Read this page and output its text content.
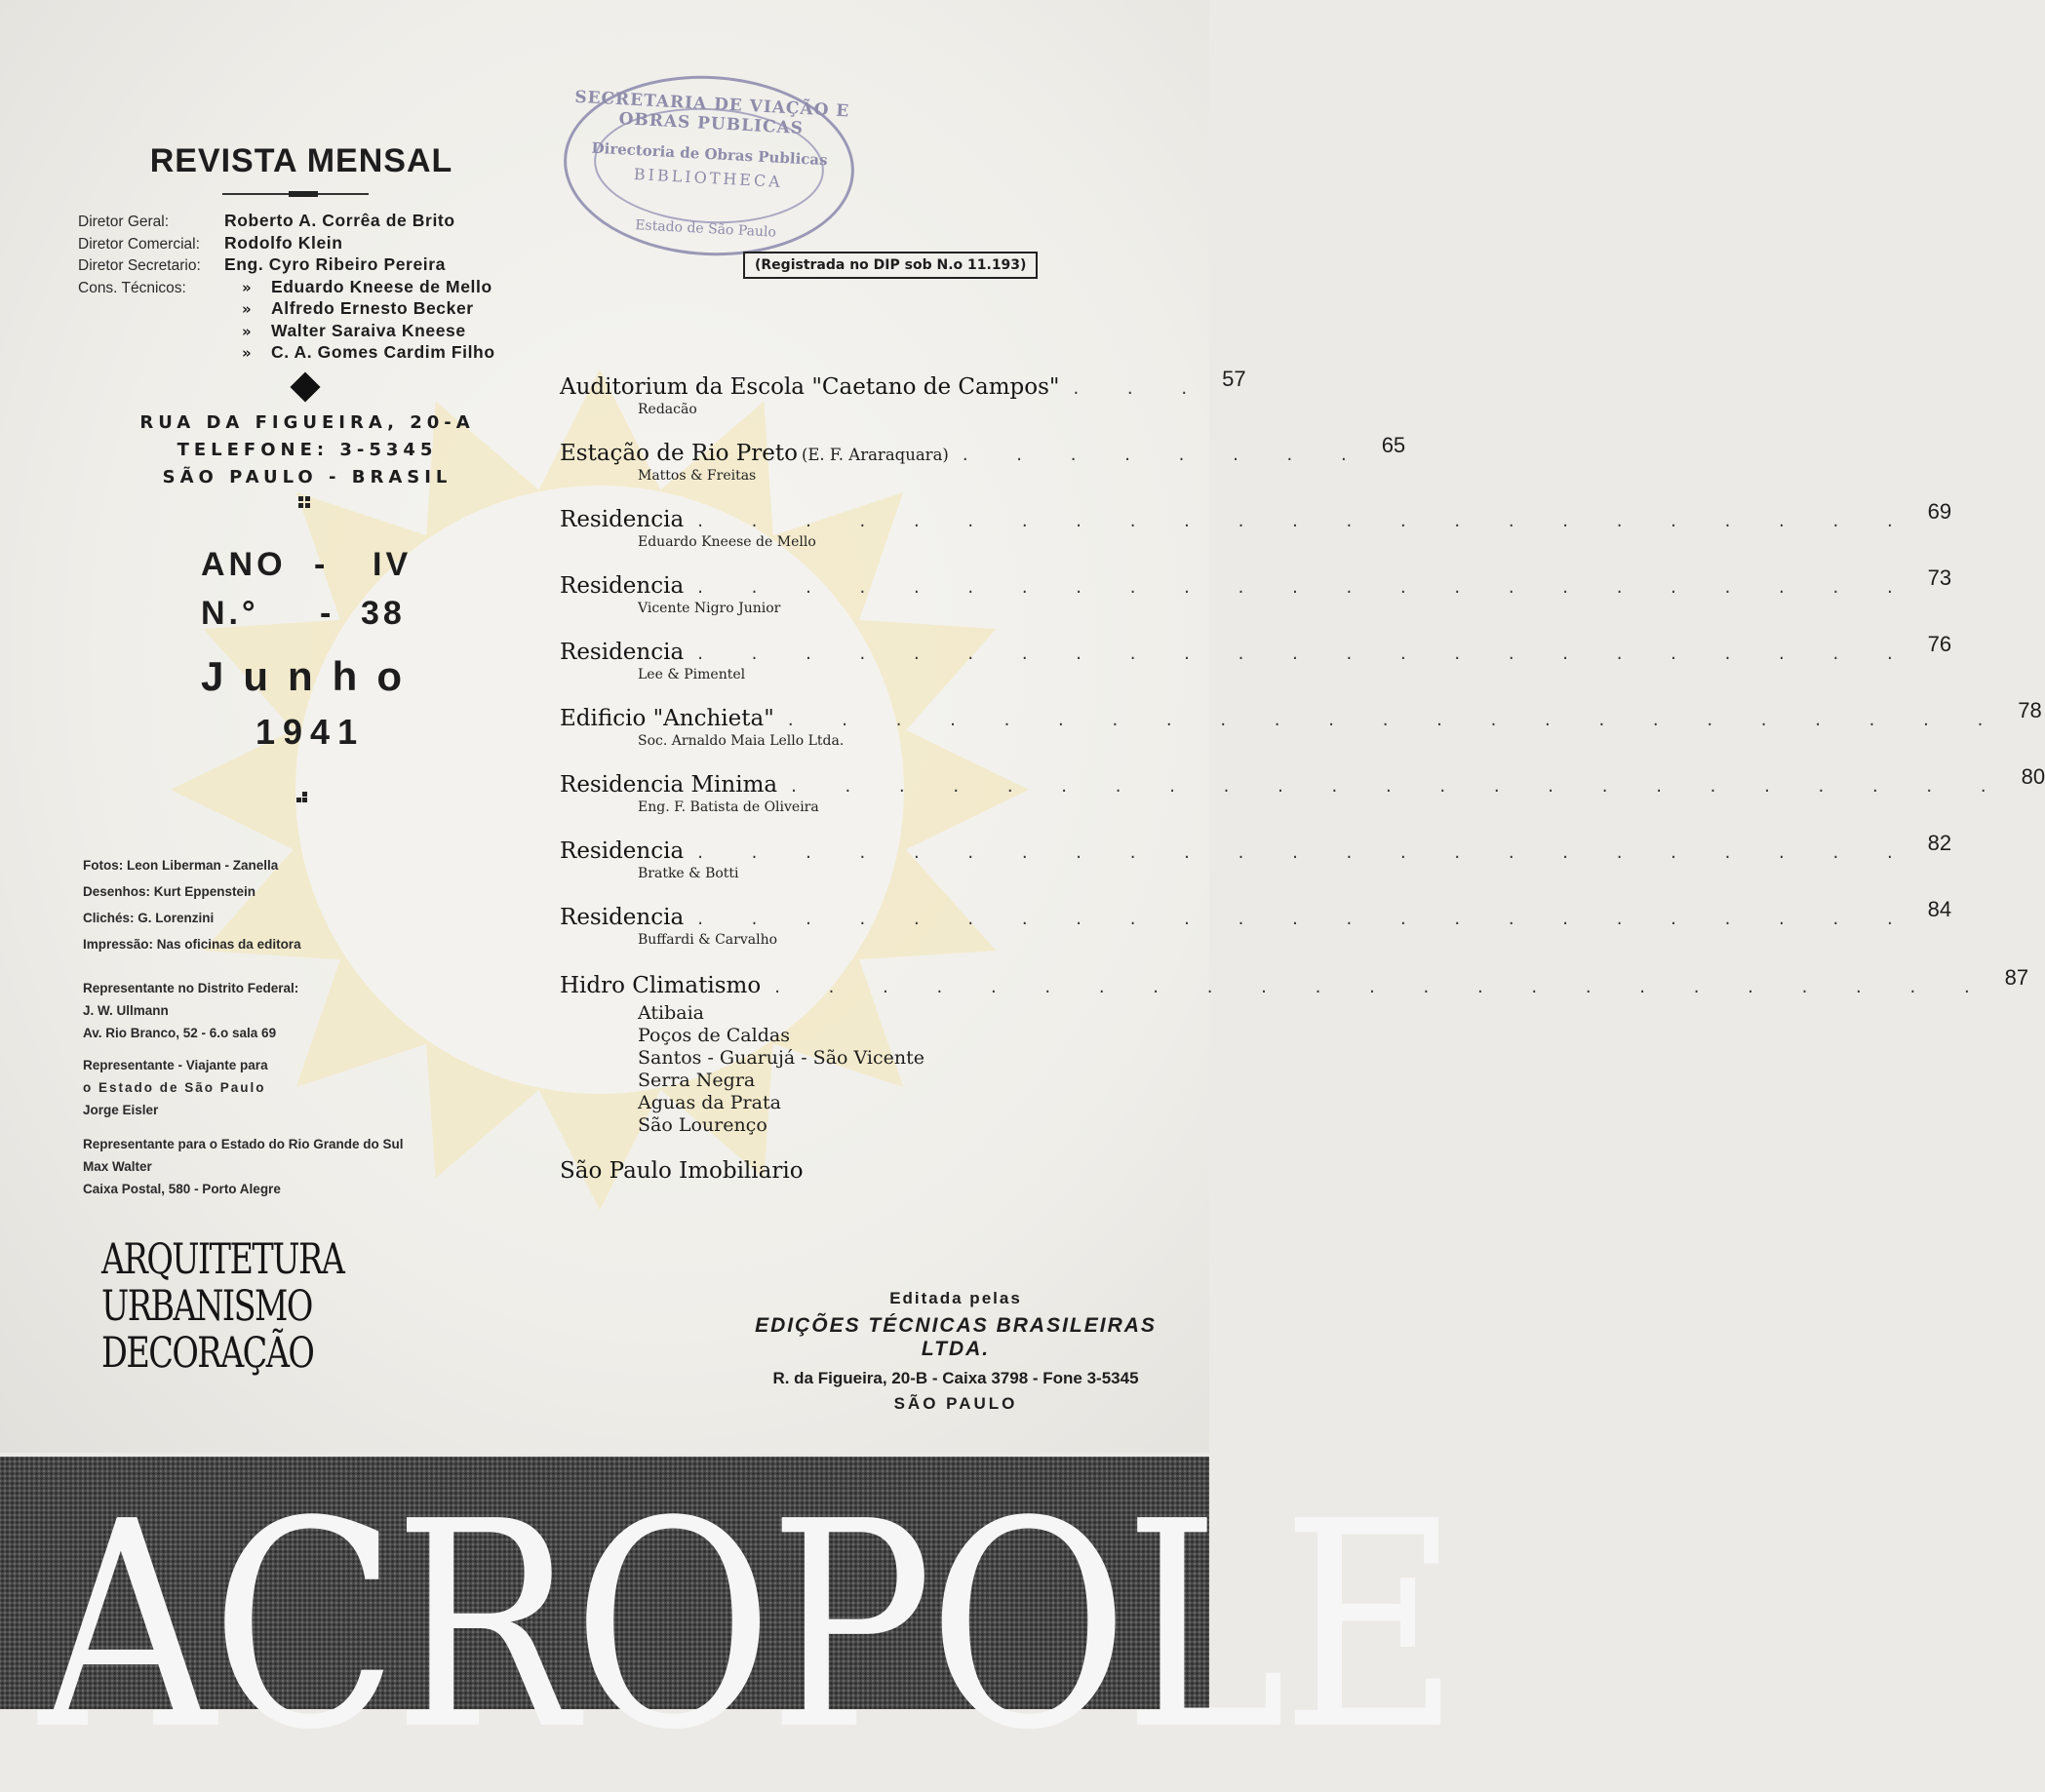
SECRETARIA DE VIAÇÃO E OBRAS PUBLICAS
Directoria de Obras Publicas
BIBLIOTHECA
Estado de São Paulo
(Registrada no DIP sob N.o 11.193)
REVISTA MENSAL
Diretor Geral:	Roberto A. Corrêa de Brito
Diretor Comercial:	Rodolfo Klein
Diretor Secretario:	Eng. Cyro Ribeiro Pereira
Cons. Técnicos:	»	Eduardo Kneese de Mello
»	Alfredo Ernesto Becker
»	Walter Saraiva Kneese
»	C. A. Gomes Cardim Filho
RUA DA FIGUEIRA, 20-A
TELEFONE: 3-5345
SÃO PAULO - BRASIL
ANO - IV
N.° - 38
Junho
1941
Fotos: Leon Liberman - Zanella
Desenhos: Kurt Eppenstein
Clichés: G. Lorenzini
Impressão: Nas oficinas da editora
Representante no Distrito Federal:
J. W. Ullmann
Av. Rio Branco, 52 - 6.o sala 69
Representante - Viajante para
o Estado de São Paulo
Jorge Eisler
Representante para o Estado do Rio Grande do Sul
Max Walter
Caixa Postal, 580 - Porto Alegre
ARQUITETURA
URBANISMO
DECORAÇÃO
Auditorium da Escola "Caetano de Campos" . . . 57
Redacão
Estação de Rio Preto (E. F. Araraquara) . . . . . . . . 65
Mattos & Freitas
Residencia . . . . . . . . . . . . . . . . . . . . . . . 69
Eduardo Kneese de Mello
Residencia . . . . . . . . . . . . . . . . . . . . . . . 73
Vicente Nigro Junior
Residencia . . . . . . . . . . . . . . . . . . . . . . . 76
Lee & Pimentel
Edificio "Anchieta" . . . . . . . . . . . . . . . . . . . . . . . 78
Soc. Arnaldo Maia Lello Ltda.
Residencia Minima . . . . . . . . . . . . . . . . . . . . . . . 80
Eng. F. Batista de Oliveira
Residencia . . . . . . . . . . . . . . . . . . . . . . . 82
Bratke & Botti
Residencia . . . . . . . . . . . . . . . . . . . . . . . 84
Buffardi & Carvalho
Hidro Climatismo . . . . . . . . . . . . . . . . . . . . . . . 87
Atibaia
Poços de Caldas
Santos - Guarujá - São Vicente
Serra Negra
Aguas da Prata
São Lourenço
São Paulo Imobiliario
Editada pelas
EDIÇÕES TÉCNICAS BRASILEIRAS LTDA.
R. da Figueira, 20-B - Caixa 3798 - Fone 3-5345
SÃO PAULO
ACROPOLE
